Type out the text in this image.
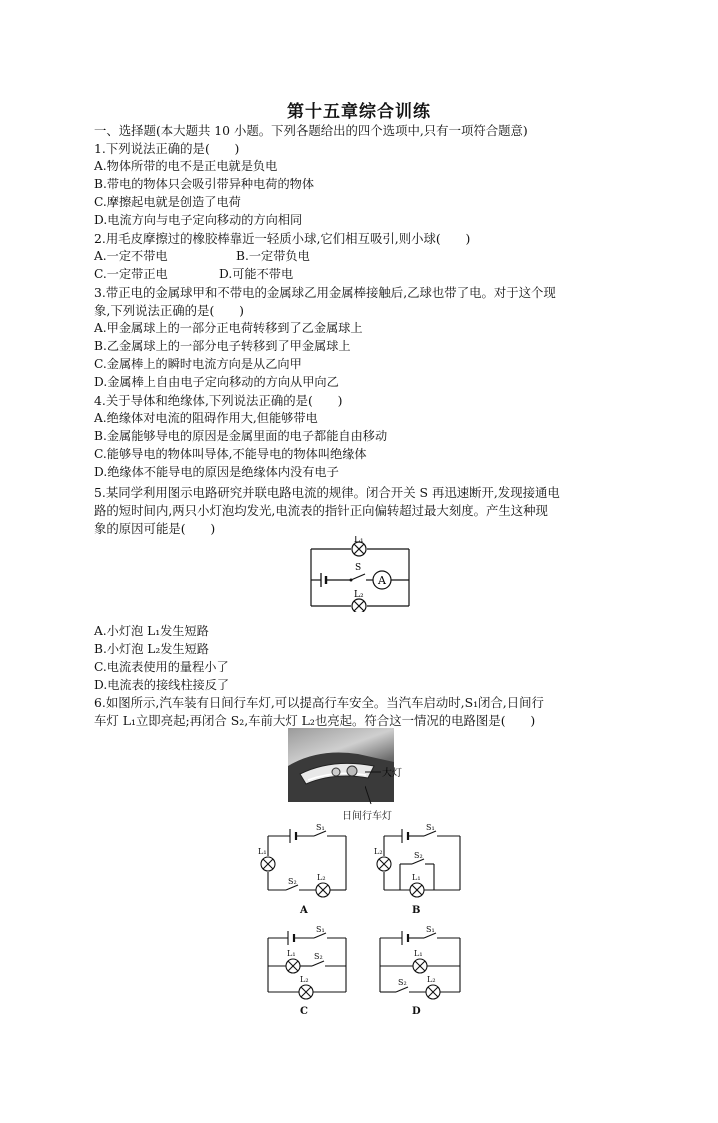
第十五章综合训练
一、选择题(本大题共 10 小题。下列各题给出的四个选项中,只有一项符合题意)
1.下列说法正确的是(　　)
A.物体所带的电不是正电就是负电
B.带电的物体只会吸引带异种电荷的物体
C.摩擦起电就是创造了电荷
D.电流方向与电子定向移动的方向相同
2.用毛皮摩擦过的橡胶棒靠近一轻质小球,它们相互吸引,则小球(　　)
A.一定不带电	B.一定带负电
C.一定带正电	D.可能不带电
3.带正电的金属球甲和不带电的金属球乙用金属棒接触后,乙球也带了电。对于这个现
象,下列说法正确的是(　　)
A.甲金属球上的一部分正电荷转移到了乙金属球上
B.乙金属球上的一部分电子转移到了甲金属球上
C.金属棒上的瞬时电流方向是从乙向甲
D.金属棒上自由电子定向移动的方向从甲向乙
4.关于导体和绝缘体,下列说法正确的是(　　)
A.绝缘体对电流的阻碍作用大,但能够带电
B.金属能够导电的原因是金属里面的电子都能自由移动
C.能够导电的物体叫导体,不能导电的物体叫绝缘体
D.绝缘体不能导电的原因是绝缘体内没有电子
5.某同学利用图示电路研究并联电路电流的规律。闭合开关 S 再迅速断开,发现接通电
路的短时间内,两只小灯泡均发光,电流表的指针正向偏转超过最大刻度。产生这种现
象的原因可能是(　　)
A
L₁
L₂
S
A.小灯泡 L₁发生短路
B.小灯泡 L₂发生短路
C.电流表使用的量程小了
D.电流表的接线柱接反了
6.如图所示,汽车装有日间行车灯,可以提高行车安全。当汽车启动时,S₁闭合,日间行
车灯 L₁立即亮起;再闭合 S₂,车前大灯 L₂也亮起。符合这一情况的电路图是(　　)
大灯
日间行车灯
S₁
L₁
S₂	L₂
S₁
L₂	S₂
L₁
S₁
L₁ S₂
L₂
S₁
L₁
S₂	L₂
A	B
C	D
